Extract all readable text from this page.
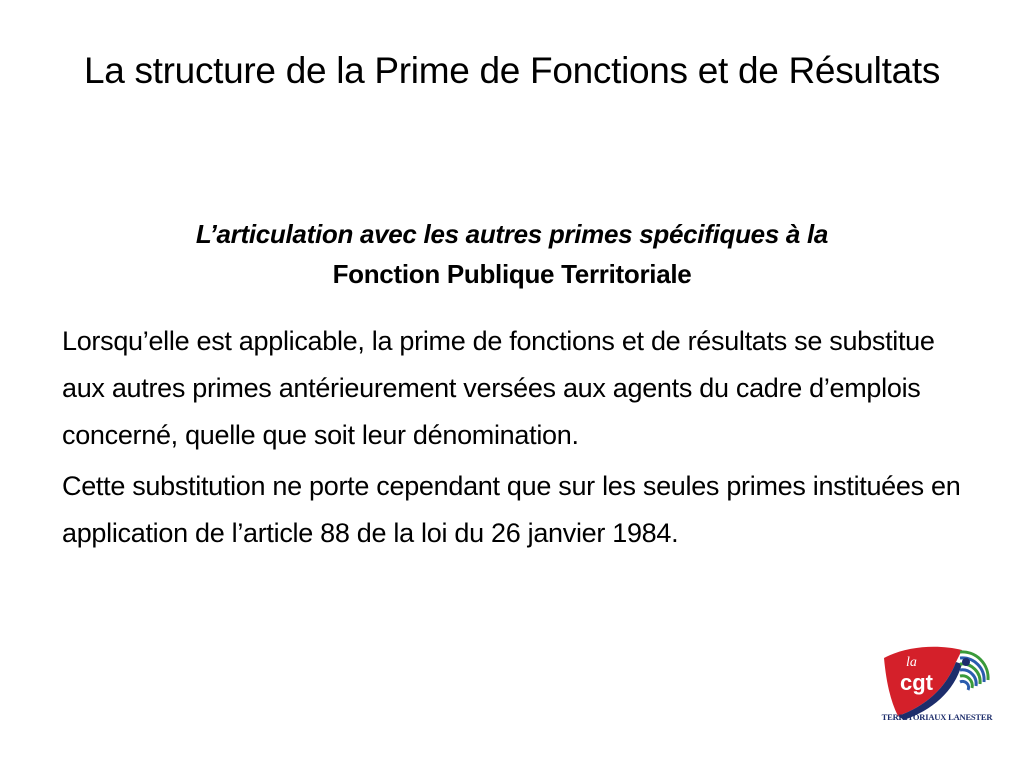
La structure de la Prime de Fonctions et de Résultats
L’articulation avec les autres primes spécifiques à la
Fonction Publique Territoriale

Lorsqu’elle est applicable, la prime de fonctions et de résultats se substitue aux autres primes antérieurement versées aux agents du cadre d’emplois concerné, quelle que soit leur dénomination.

Cette substitution ne porte cependant que sur les seules primes instituées en application de l’article 88 de la loi du 26 janvier 1984.

la
cgt
TERRITORIAUX LANESTER
